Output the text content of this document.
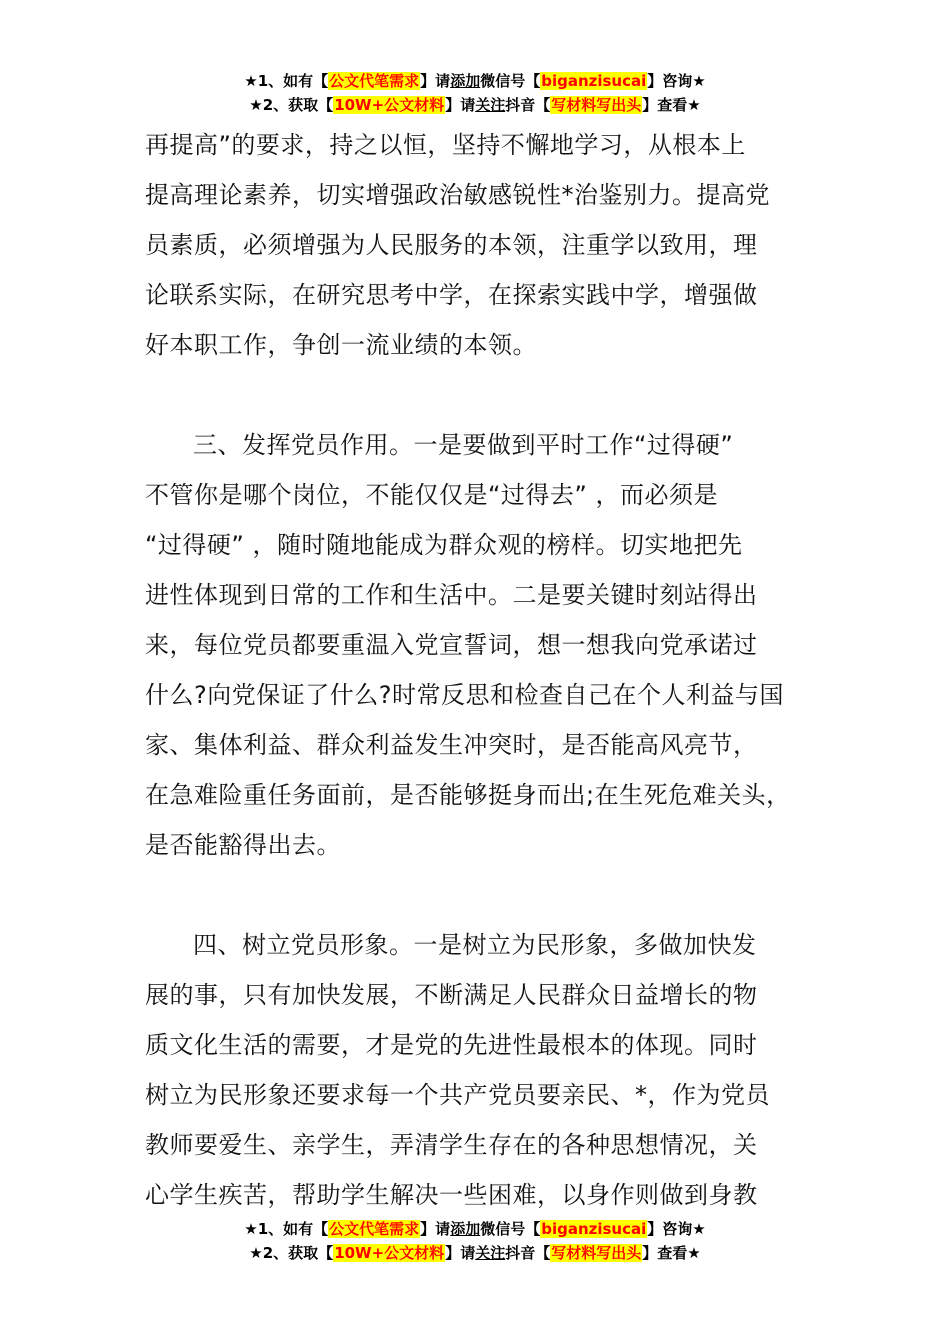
★1、如有【公文代笔需求】请添加微信号【biganzisucai】咨询★
★2、获取【10W+公文材料】请关注抖音【写材料写出头】查看★

再提高”的要求，持之以恒，坚持不懈地学习，从根本上

提高理论素养，切实增强政治敏感锐性*治鉴别力。提高党

员素质，必须增强为人民服务的本领，注重学以致用，理

论联系实际，在研究思考中学，在探索实践中学，增强做

好本职工作，争创一流业绩的本领。

三、发挥党员作用。一是要做到平时工作“过得硬”

不管你是哪个岗位，不能仅仅是“过得去” ，而必须是

“过得硬” ，随时随地能成为群众观的榜样。切实地把先

进性体现到日常的工作和生活中。二是要关键时刻站得出

来，每位党员都要重温入党宣誓词，想一想我向党承诺过

什么?向党保证了什么?时常反思和检查自己在个人利益与国

家、集体利益、群众利益发生冲突时，是否能高风亮节，

在急难险重任务面前，是否能够挺身而出;在生死危难关头，

是否能豁得出去。

四、树立党员形象。一是树立为民形象，多做加快发

展的事，只有加快发展，不断满足人民群众日益增长的物

质文化生活的需要，才是党的先进性最根本的体现。同时

树立为民形象还要求每一个共产党员要亲民、*，作为党员

教师要爱生、亲学生，弄清学生存在的各种思想情况，关

心学生疾苦，帮助学生解决一些困难，以身作则做到身教

★1、如有【公文代笔需求】请添加微信号【biganzisucai】咨询★
★2、获取【10W+公文材料】请关注抖音【写材料写出头】查看★
